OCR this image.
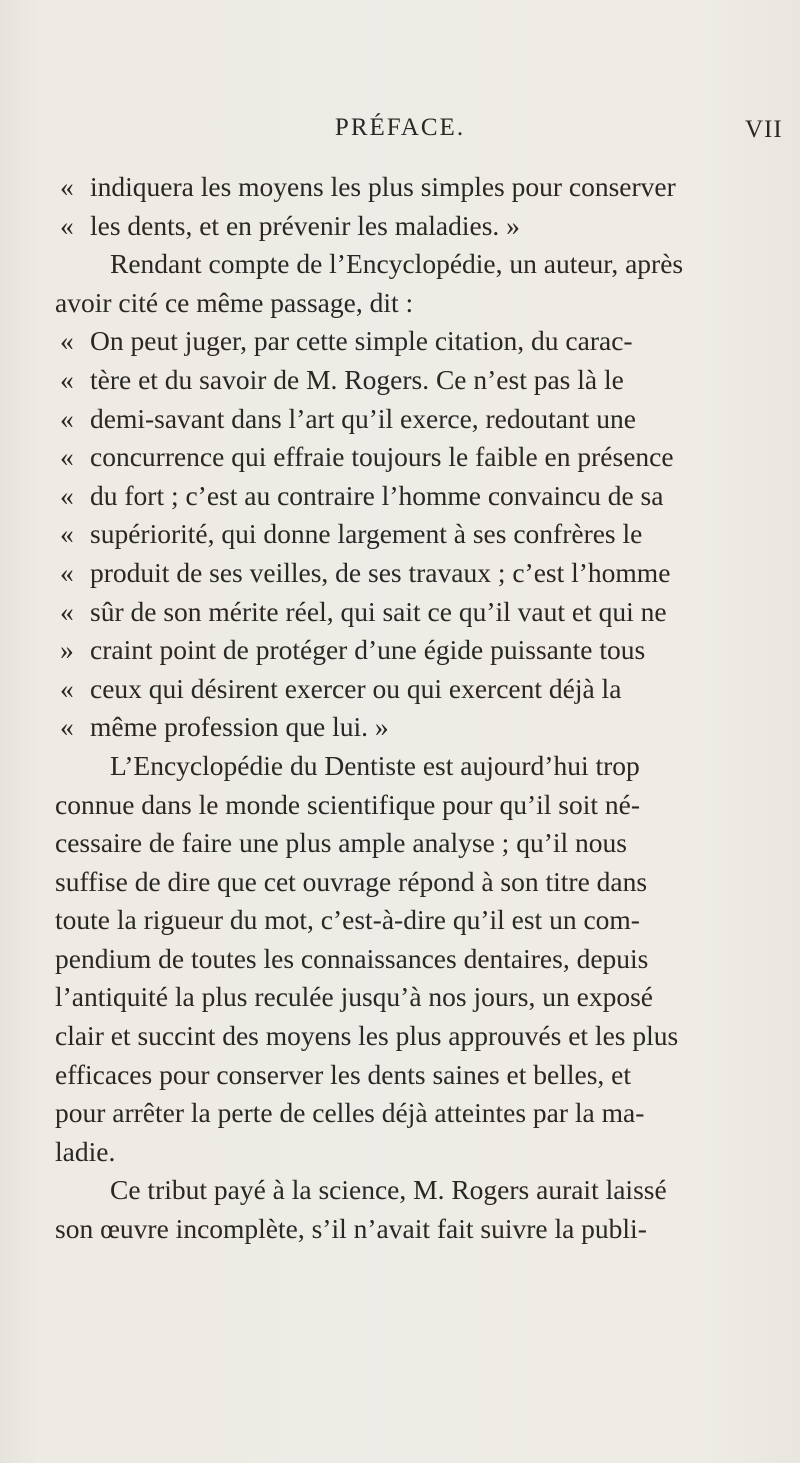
PRÉFACE.	VII
« indiquera les moyens les plus simples pour conserver
« les dents, et en prévenir les maladies. »
Rendant compte de l’Encyclopédie, un auteur, après
avoir cité ce même passage, dit :
« On peut juger, par cette simple citation, du carac-
« tère et du savoir de M. Rogers. Ce n’est pas là le
« demi-savant dans l’art qu’il exerce, redoutant une
« concurrence qui effraie toujours le faible en présence
« du fort ; c’est au contraire l’homme convaincu de sa
« supériorité, qui donne largement à ses confrères le
« produit de ses veilles, de ses travaux ; c’est l’homme
« sûr de son mérite réel, qui sait ce qu’il vaut et qui ne
» craint point de protéger d’une égide puissante tous
« ceux qui désirent exercer ou qui exercent déjà la
« même profession que lui. »
L’Encyclopédie du Dentiste est aujourd’hui trop
connue dans le monde scientifique pour qu’il soit né-
cessaire de faire une plus ample analyse ; qu’il nous
suffise de dire que cet ouvrage répond à son titre dans
toute la rigueur du mot, c’est-à-dire qu’il est un com-
pendium de toutes les connaissances dentaires, depuis
l’antiquité la plus reculée jusqu’à nos jours, un exposé
clair et succint des moyens les plus approuvés et les plus
efficaces pour conserver les dents saines et belles, et
pour arrêter la perte de celles déjà atteintes par la ma-
ladie.
Ce tribut payé à la science, M. Rogers aurait laissé
son œuvre incomplète, s’il n’avait fait suivre la publi-
